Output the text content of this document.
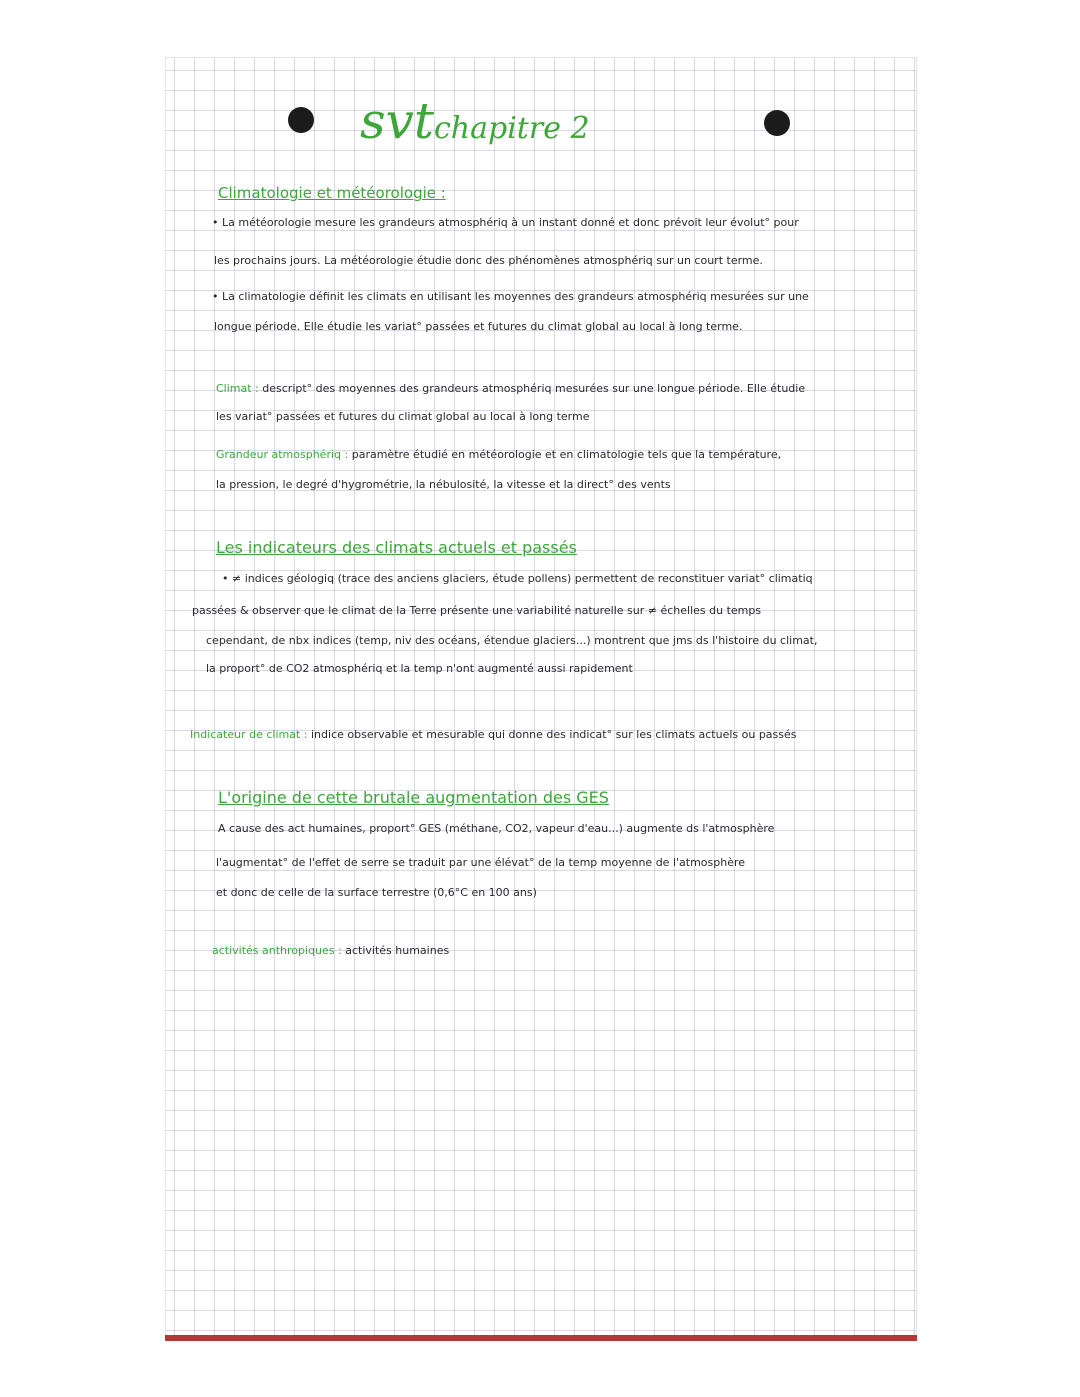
svtchapitre 2
Climatologie et météorologie :
• La météorologie mesure les grandeurs atmosphériq à un instant donné et donc prévoit leur évolut° pour
les prochains jours. La météorologie étudie donc des phénomènes atmosphériq sur un court terme.
• La climatologie définit les climats en utilisant les moyennes des grandeurs atmosphériq mesurées sur une
longue période. Elle étudie les variat° passées et futures du climat global au local à long terme.
Climat : descript° des moyennes des grandeurs atmosphériq mesurées sur une longue période. Elle étudie
les variat° passées et futures du climat global au local à long terme
Grandeur atmosphériq : paramètre étudié en météorologie et en climatologie tels que la température,
la pression, le degré d'hygrométrie, la nébulosité, la vitesse et la direct° des vents
Les indicateurs des climats actuels et passés
• ≠ indices géologiq (trace des anciens glaciers, étude pollens) permettent de reconstituer variat° climatiq
passées & observer que le climat de la Terre présente une variabilité naturelle sur ≠ échelles du temps
cependant, de nbx indices (temp, niv des océans, étendue glaciers...) montrent que jms ds l'histoire du climat,
la proport° de CO2 atmosphériq et la temp n'ont augmenté aussi rapidement
Indicateur de climat : indice observable et mesurable qui donne des indicat° sur les climats actuels ou passés
L'origine de cette brutale augmentation des GES
A cause des act humaines, proport° GES (méthane, CO2, vapeur d'eau...) augmente ds l'atmosphère
l'augmentat° de l'effet de serre se traduit par une élévat° de la temp moyenne de l'atmosphère
et donc de celle de la surface terrestre (0,6°C en 100 ans)
activités anthropiques : activités humaines
